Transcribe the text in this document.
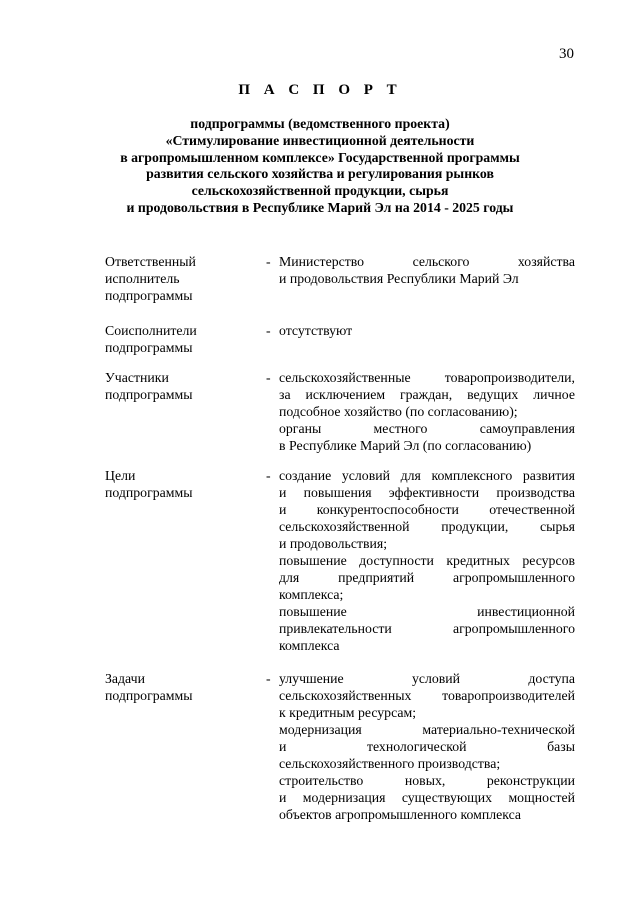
30
П А С П О Р Т
подпрограммы (ведомственного проекта)
«Стимулирование инвестиционной деятельности
в агропромышленном комплексе» Государственной программы
развития сельского хозяйства и регулирования рынков
сельскохозяйственной продукции, сырья
и продовольствия в Республике Марий Эл на 2014 - 2025 годы
Ответственный
исполнитель
подпрограммы
- Министерство сельского хозяйства
и продовольствия Республики Марий Эл
Соисполнители
подпрограммы
- отсутствуют
Участники
подпрограммы
- сельскохозяйственные товаропроизводители,
за исключением граждан, ведущих личное
подсобное хозяйство (по согласованию);
органы местного самоуправления
в Республике Марий Эл (по согласованию)
Цели
подпрограммы
- создание условий для комплексного развития
и повышения эффективности производства
и конкурентоспособности отечественной
сельскохозяйственной продукции, сырья
и продовольствия;
повышение доступности кредитных ресурсов
для предприятий агропромышленного
комплекса;
повышение инвестиционной
привлекательности агропромышленного
комплекса
Задачи
подпрограммы
- улучшение условий доступа
сельскохозяйственных товаропроизводителей
к кредитным ресурсам;
модернизация материально-технической
и технологической базы
сельскохозяйственного производства;
строительство новых, реконструкции
и модернизация существующих мощностей
объектов агропромышленного комплекса
